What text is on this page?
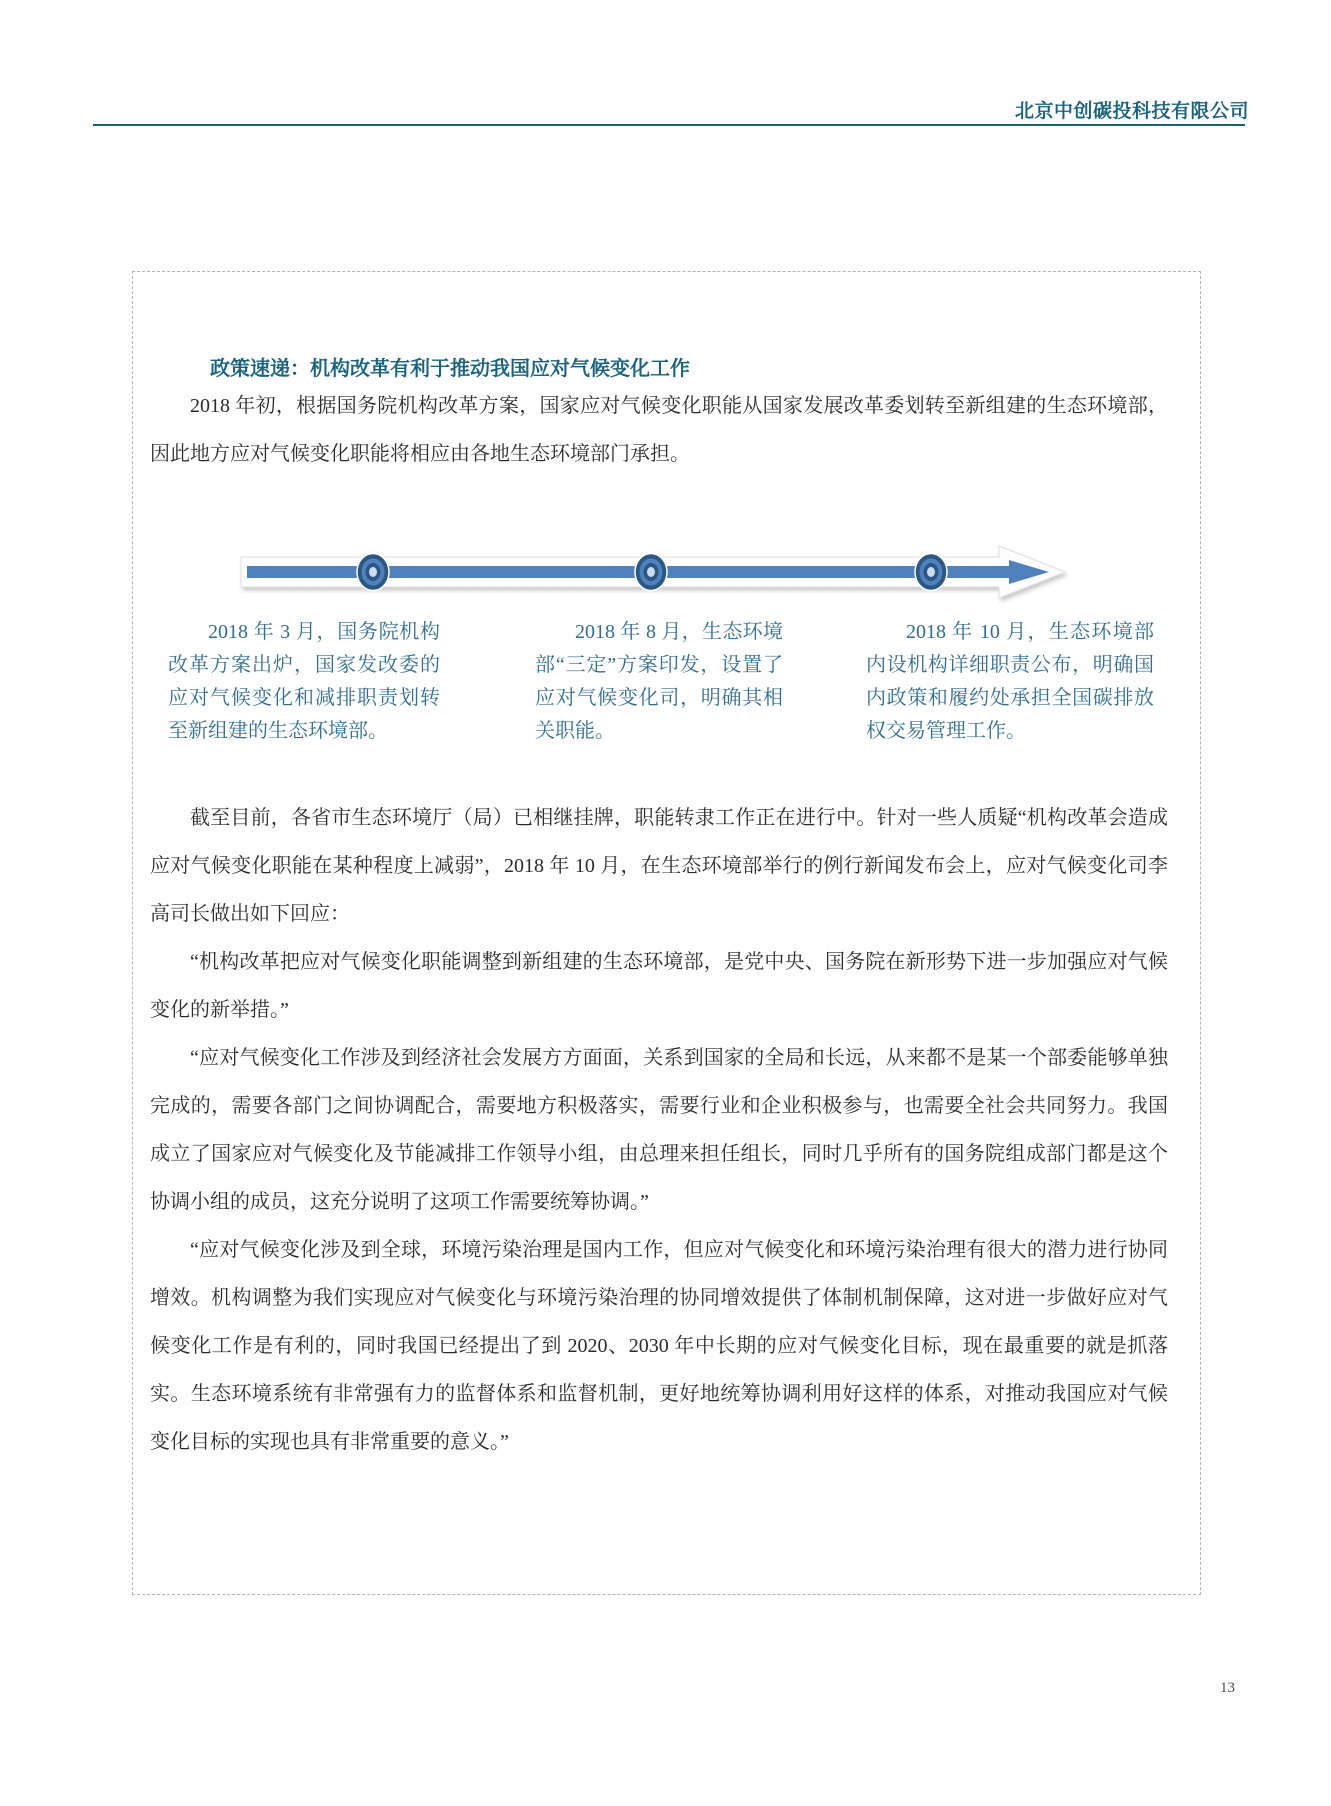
北京中创碳投科技有限公司
政策速递：机构改革有利于推动我国应对气候变化工作
2018 年初，根据国务院机构改革方案，国家应对气候变化职能从国家发展改革委划转至新组建的生态环境部，因此地方应对气候变化职能将相应由各地生态环境部门承担。
2018 年 3 月，国务院机构改革方案出炉，国家发改委的应对气候变化和减排职责划转至新组建的生态环境部。
2018 年 8 月，生态环境部“三定”方案印发，设置了应对气候变化司，明确其相关职能。
2018 年 10 月，生态环境部内设机构详细职责公布，明确国内政策和履约处承担全国碳排放权交易管理工作。

截至目前，各省市生态环境厅（局）已相继挂牌，职能转隶工作正在进行中。针对一些人质疑“机构改革会造成应对气候变化职能在某种程度上减弱”，2018 年 10 月，在生态环境部举行的例行新闻发布会上，应对气候变化司李高司长做出如下回应：

“机构改革把应对气候变化职能调整到新组建的生态环境部，是党中央、国务院在新形势下进一步加强应对气候变化的新举措。”

“应对气候变化工作涉及到经济社会发展方方面面，关系到国家的全局和长远，从来都不是某一个部委能够单独完成的，需要各部门之间协调配合，需要地方积极落实，需要行业和企业积极参与，也需要全社会共同努力。我国成立了国家应对气候变化及节能减排工作领导小组，由总理来担任组长，同时几乎所有的国务院组成部门都是这个协调小组的成员，这充分说明了这项工作需要统筹协调。”

“应对气候变化涉及到全球，环境污染治理是国内工作，但应对气候变化和环境污染治理有很大的潜力进行协同增效。机构调整为我们实现应对气候变化与环境污染治理的协同增效提供了体制机制保障，这对进一步做好应对气候变化工作是有利的，同时我国已经提出了到 2020、2030 年中长期的应对气候变化目标，现在最重要的就是抓落实。生态环境系统有非常强有力的监督体系和监督机制，更好地统筹协调利用好这样的体系，对推动我国应对气候变化目标的实现也具有非常重要的意义。”

13
